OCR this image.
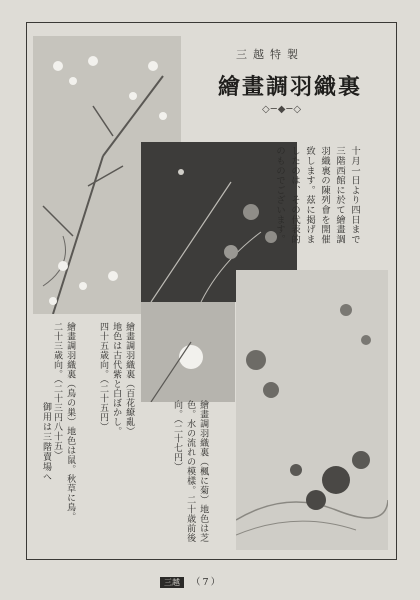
三越特製
繪畫調羽織裏
◇─◆─◇
十月一日より四日まで三階西館に於て繪畫調羽織裏の陳列會を開催致します。茲に掲げましたのは、その代表的のものでございます。
繪畫調羽織裏（百花繚亂）地色は古代紫と白ぼかし。四十五歳向。（二十五円）
繪畫調羽織裏（鳥の巣）地色は鼠。秋草に鳥。二十三歳向。（二十三円八十五）
繪畫調羽織裏（楓に菊）地色は芝色。水の流れの模樣。二十歳前後向。（二十七円）
御用は三階賣場へ
三越 （7）
